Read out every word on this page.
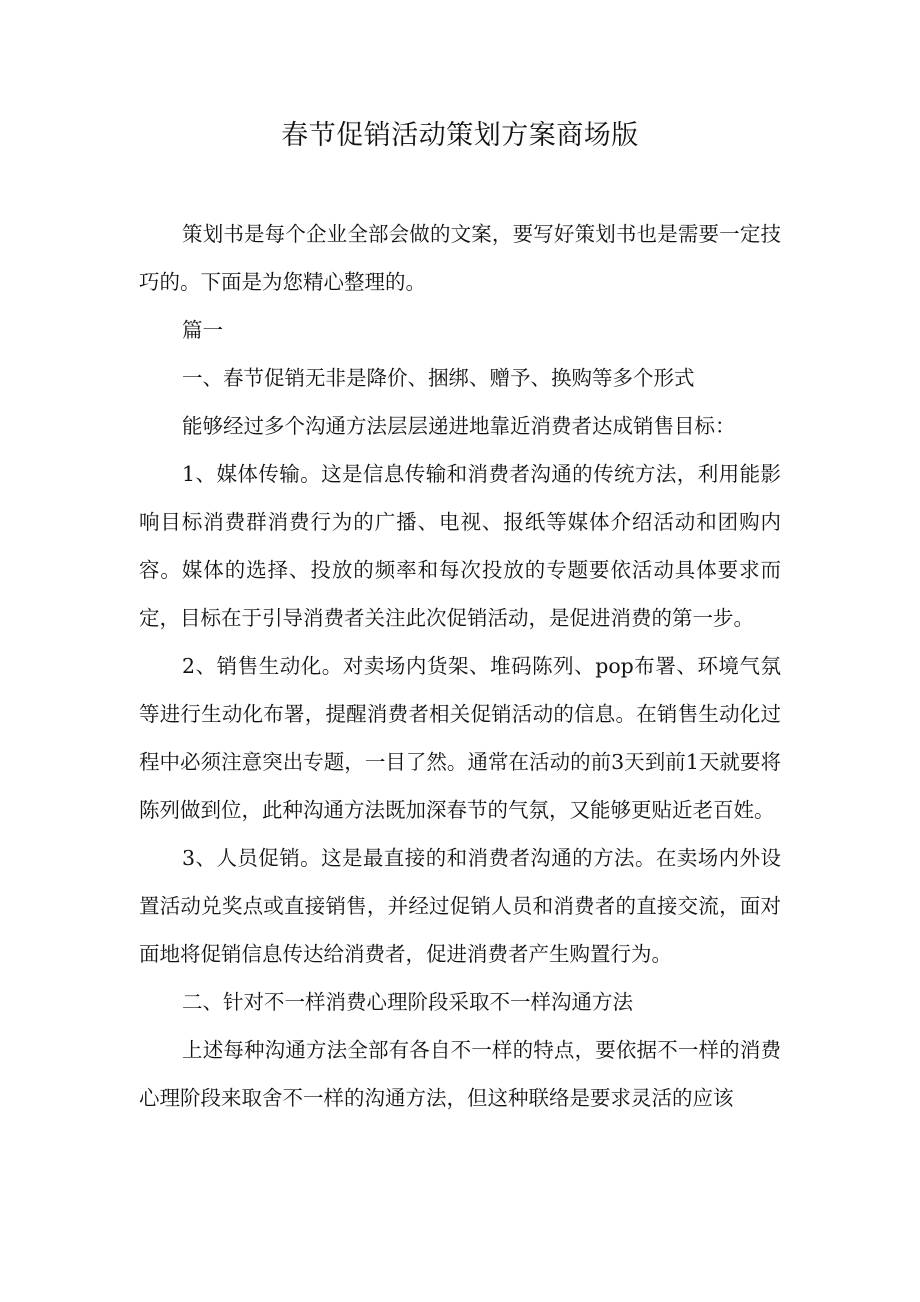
春节促销活动策划方案商场版

策划书是每个企业全部会做的文案，要写好策划书也是需要一定技巧的。下面是为您精心整理的。

篇一

一、春节促销无非是降价、捆绑、赠予、换购等多个形式

能够经过多个沟通方法层层递进地靠近消费者达成销售目标：

1、媒体传输。这是信息传输和消费者沟通的传统方法，利用能影响目标消费群消费行为的广播、电视、报纸等媒体介绍活动和团购内容。媒体的选择、投放的频率和每次投放的专题要依活动具体要求而定，目标在于引导消费者关注此次促销活动，是促进消费的第一步。

2、销售生动化。对卖场内货架、堆码陈列、pop布署、环境气氛等进行生动化布署，提醒消费者相关促销活动的信息。在销售生动化过程中必须注意突出专题，一目了然。通常在活动的前3天到前1天就要将陈列做到位，此种沟通方法既加深春节的气氛，又能够更贴近老百姓。

3、人员促销。这是最直接的和消费者沟通的方法。在卖场内外设置活动兑奖点或直接销售，并经过促销人员和消费者的直接交流，面对面地将促销信息传达给消费者，促进消费者产生购置行为。

二、针对不一样消费心理阶段采取不一样沟通方法

上述每种沟通方法全部有各自不一样的特点，要依据不一样的消费心理阶段来取舍不一样的沟通方法，但这种联络是要求灵活的应该
